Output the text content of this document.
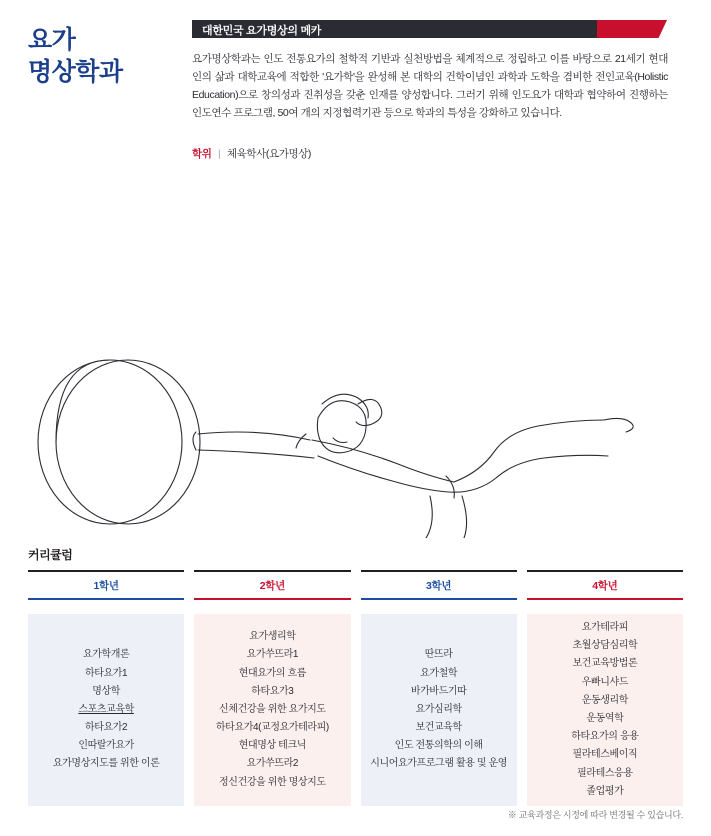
요가
명상학과
대한민국 요가명상의 메카
요가명상학과는 인도 전통요가의 철학적 기반과 실천방법을 체계적으로 정립하고 이를 바탕으로 21세기 현대인의 삶과 대학교육에 적합한 '요가학'을 완성해 본 대학의 건학이념인 과학과 도학을 겸비한 전인교육(Holistic Education)으로 창의성과 진취성을 갖춘 인재를 양성합니다. 그러기 위해 인도요가 대학과 협약하여 진행하는 인도연수 프로그램, 50여 개의 지정협력기관 등으로 학과의 특성을 강화하고 있습니다.
학위 | 체육학사(요가명상)
커리큘럼
1학년
요가학개론
하타요가1
명상학
스포츠교육학
하타요가2
인따랄가요가
요가명상지도를 위한 이론
2학년
요가생리학
요가쑤뜨라1
현대요가의 흐름
하타요가3
신체건강을 위한 요가지도
하타요가4(교정요가테라피)
현대명상 테크닉
요가쑤뜨라2
정신건강을 위한 명상지도
3학년
딴뜨라
요가철학
바가바드기따
요가심리학
보건교육학
인도 전통의학의 이해
시니어요가프로그램 활용 및 운영
4학년
요가테라피
초월상담심리학
보건교육방법론
우빠니샤드
운동생리학
운동역학
하타요가의 응용
필라테스베이직
필라테스응용
졸업평가
※ 교육과정은 시정에 따라 변경될 수 있습니다.
